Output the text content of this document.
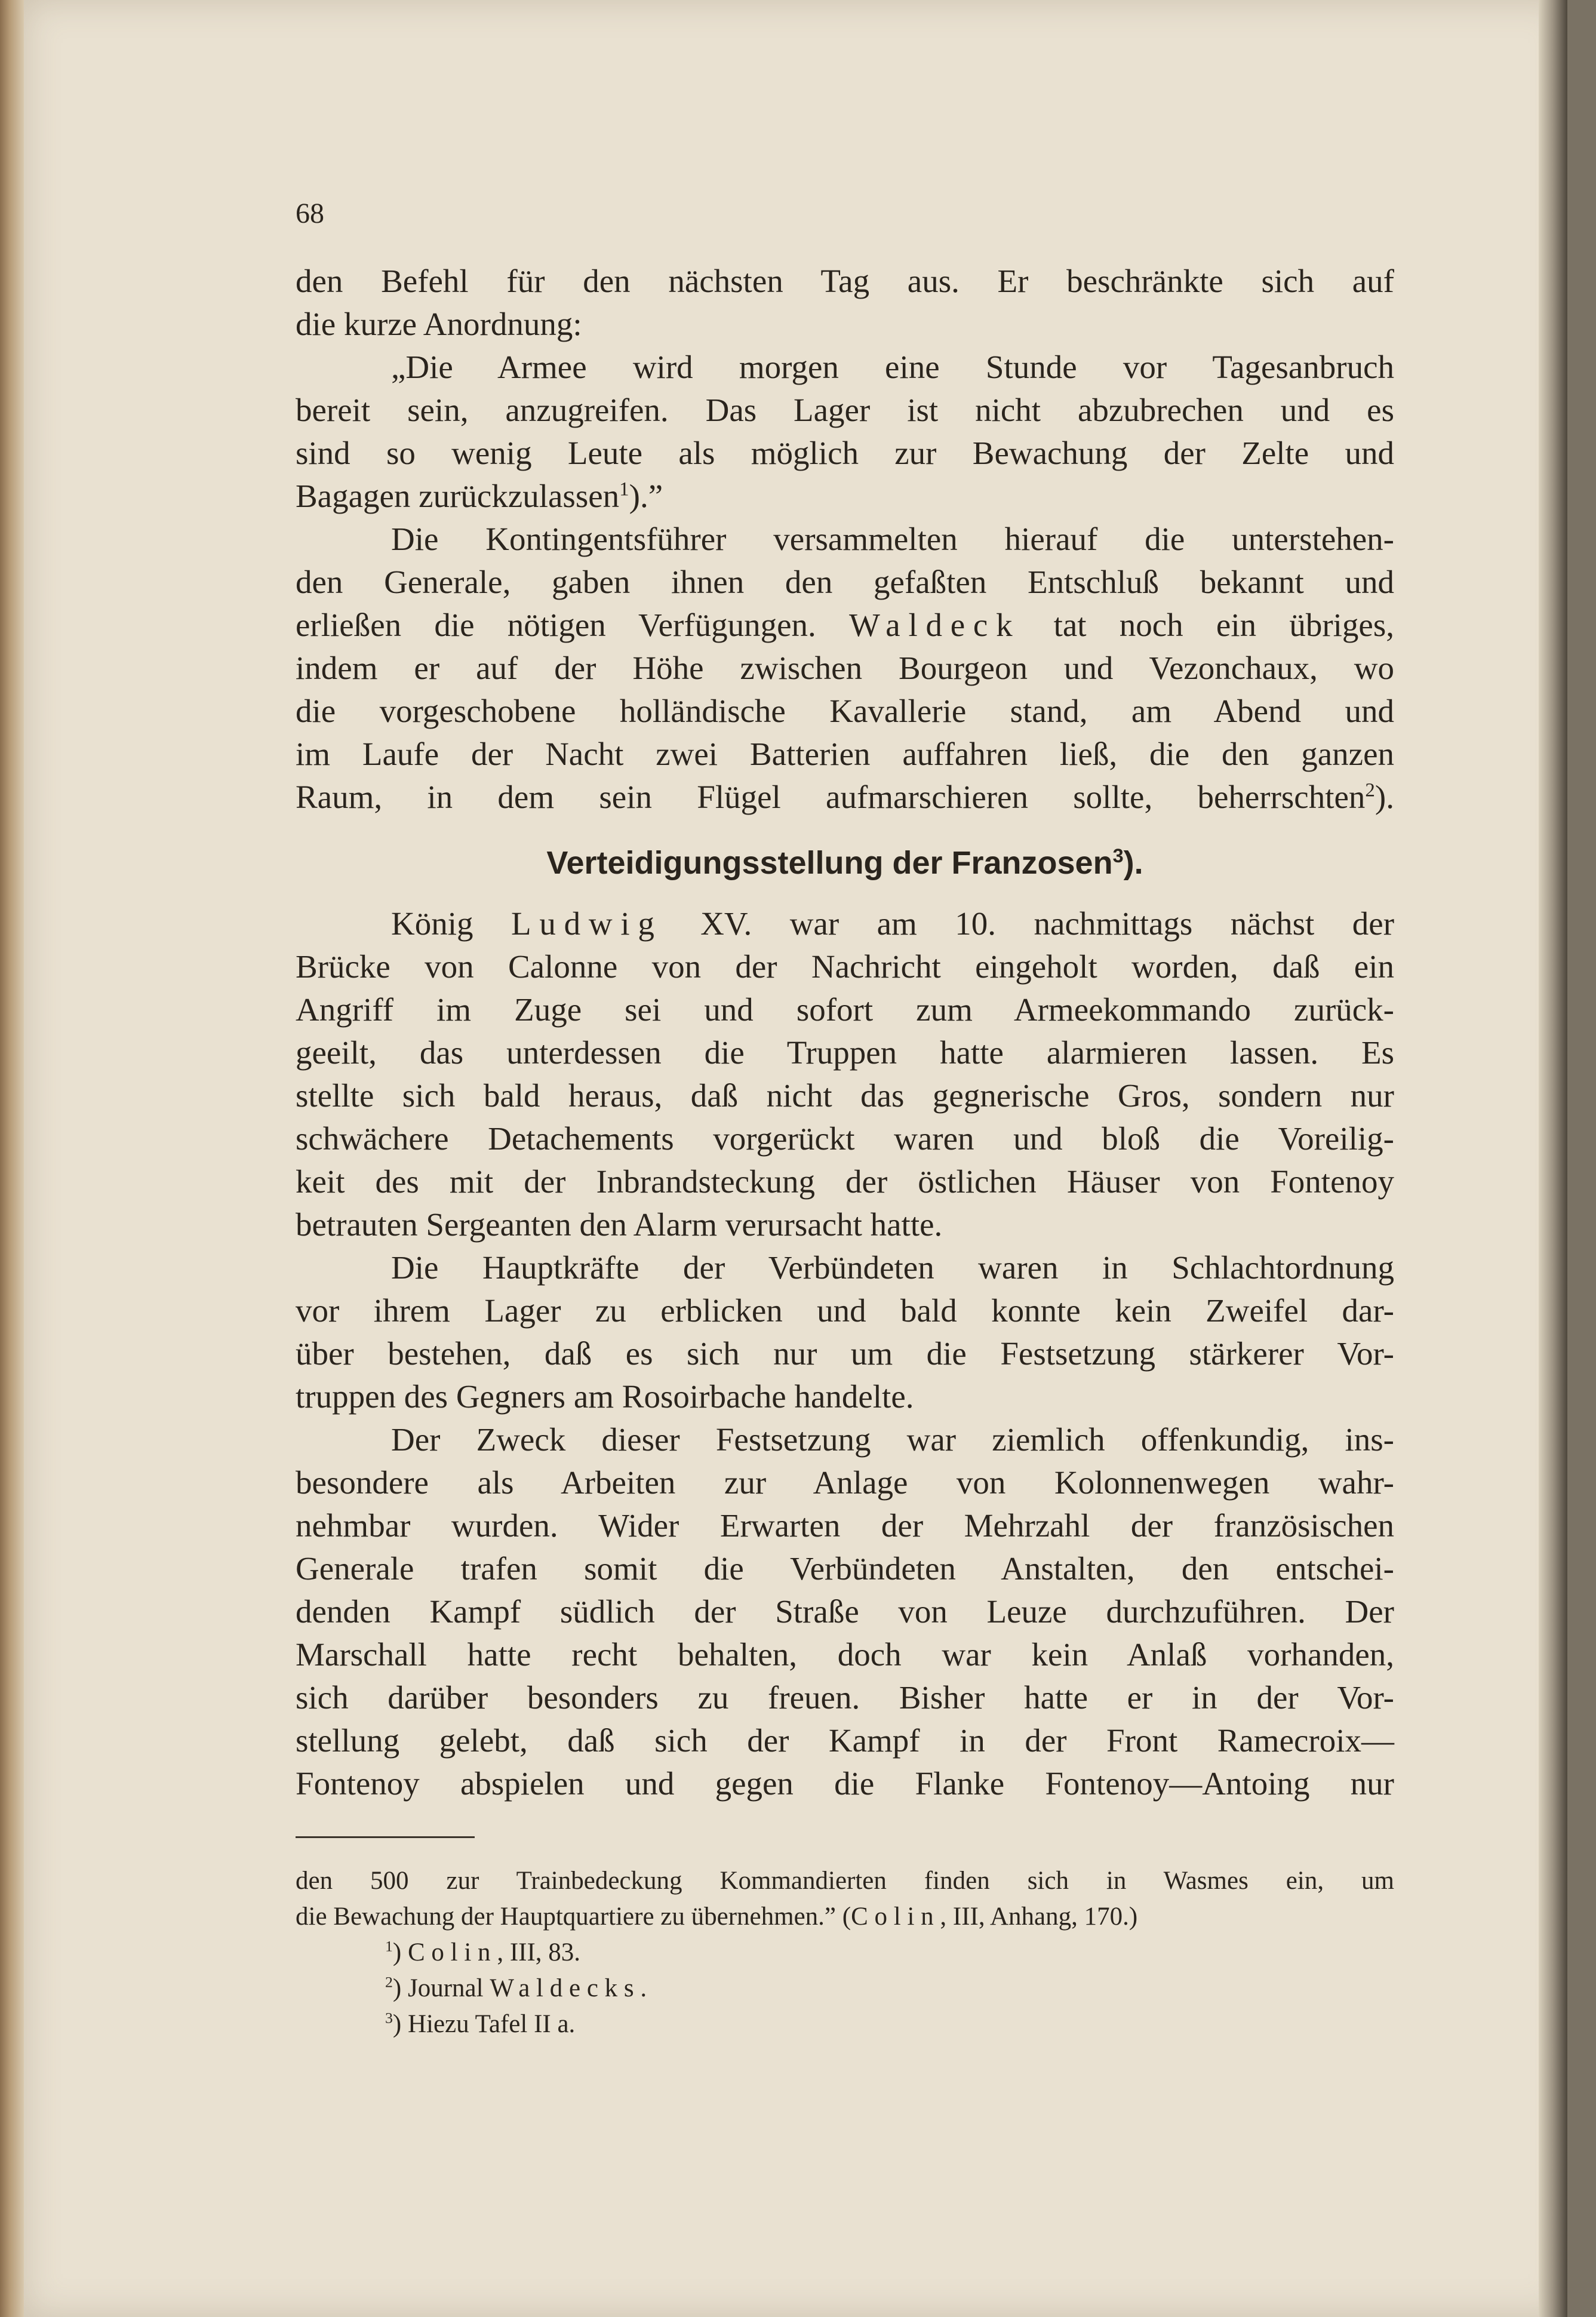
68
den Befehl für den nächsten Tag aus. Er beschränkte sich auf
die kurze Anordnung:
„Die Armee wird morgen eine Stunde vor Tagesanbruch
bereit sein, anzugreifen. Das Lager ist nicht abzubrechen und es
sind so wenig Leute als möglich zur Bewachung der Zelte und
Bagagen zurückzulassen$^1$).”
Die Kontingentsführer versammelten hierauf die unterstehen-
den Generale, gaben ihnen den gefaßten Entschluß bekannt und
erließen die nötigen Verfügungen. Waldeck tat noch ein übriges,
indem er auf der Höhe zwischen Bourgeon und Vezonchaux, wo
die vorgeschobene holländische Kavallerie stand, am Abend und
im Laufe der Nacht zwei Batterien auffahren ließ, die den ganzen
Raum, in dem sein Flügel aufmarschieren sollte, beherrschten$^2$).
Verteidigungsstellung der Franzosen$^3$).
König Ludwig XV. war am 10. nachmittags nächst der
Brücke von Calonne von der Nachricht eingeholt worden, daß ein
Angriff im Zuge sei und sofort zum Armeekommando zurück-
geeilt, das unterdessen die Truppen hatte alarmieren lassen. Es
stellte sich bald heraus, daß nicht das gegnerische Gros, sondern nur
schwächere Detachements vorgerückt waren und bloß die Voreilig-
keit des mit der Inbrandsteckung der östlichen Häuser von Fontenoy
betrauten Sergeanten den Alarm verursacht hatte.
Die Hauptkräfte der Verbündeten waren in Schlachtordnung
vor ihrem Lager zu erblicken und bald konnte kein Zweifel dar-
über bestehen, daß es sich nur um die Festsetzung stärkerer Vor-
truppen des Gegners am Rosoirbache handelte.
Der Zweck dieser Festsetzung war ziemlich offenkundig, ins-
besondere als Arbeiten zur Anlage von Kolonnenwegen wahr-
nehmbar wurden. Wider Erwarten der Mehrzahl der französischen
Generale trafen somit die Verbündeten Anstalten, den entschei-
denden Kampf südlich der Straße von Leuze durchzuführen. Der
Marschall hatte recht behalten, doch war kein Anlaß vorhanden,
sich darüber besonders zu freuen. Bisher hatte er in der Vor-
stellung gelebt, daß sich der Kampf in der Front Ramecroix—
Fontenoy abspielen und gegen die Flanke Fontenoy—Antoing nur
den 500 zur Trainbedeckung Kommandierten finden sich in Wasmes ein, um
die Bewachung der Hauptquartiere zu übernehmen.” (Colin, III, Anhang, 170.)
$^1$) Colin, III, 83.
$^2$) Journal Waldecks.
$^3$) Hiezu Tafel II a.
